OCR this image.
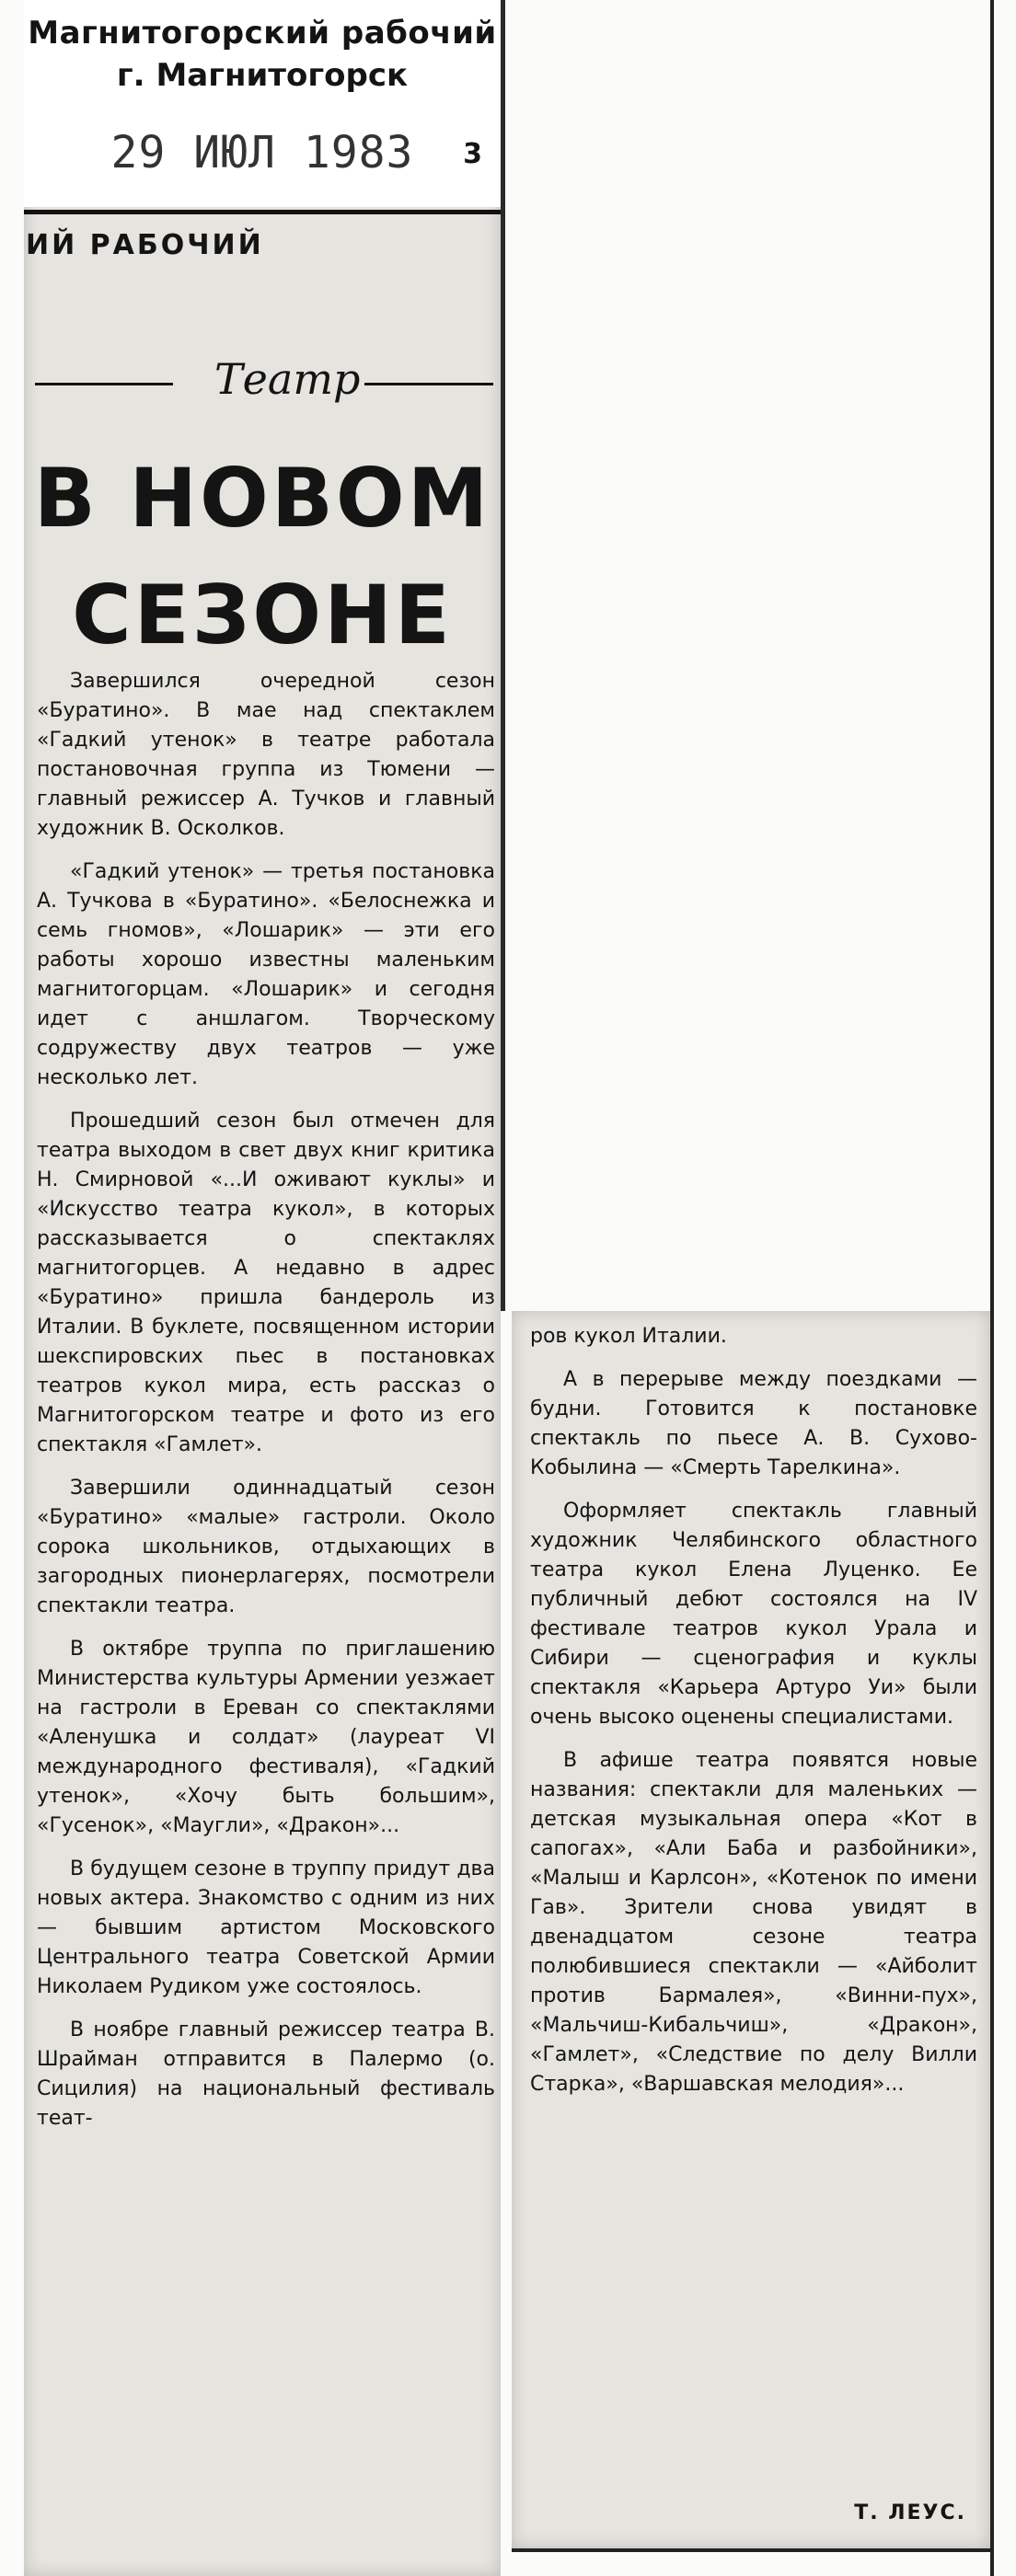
Магнитогорский рабочий
г. Магнитогорск
29 ИЮЛ 1983	3
ИЙ РАБОЧИЙ
Театр
В НОВОМ
СЕЗОНЕ

Завершился очередной сезон «Буратино». В мае над спектаклем «Гадкий утенок» в театре работала постановочная группа из Тюмени — главный режиссер А. Тучков и главный художник В. Осколков.

«Гадкий утенок» — третья постановка А. Тучкова в «Буратино». «Белоснежка и семь гномов», «Лошарик» — эти его работы хорошо известны маленьким магнитогорцам. «Лошарик» и сегодня идет с аншлагом. Творческому содружеству двух театров — уже несколько лет.

Прошедший сезон был отмечен для театра выходом в свет двух книг критика Н. Смирновой «...И оживают куклы» и «Искусство театра кукол», в которых рассказывается о спектаклях магнитогорцев. А недавно в адрес «Буратино» пришла бандероль из Италии. В буклете, посвященном истории шекспировских пьес в постановках театров кукол мира, есть рассказ о Магнитогорском театре и фото из его спектакля «Гамлет».

Завершили одиннадцатый сезон «Буратино» «малые» гастроли. Около сорока школьников, отдыхающих в загородных пионерлагерях, посмотрели спектакли театра.

В октябре труппа по приглашению Министерства культуры Армении уезжает на гастроли в Ереван со спектаклями «Аленушка и солдат» (лауреат VI международного фестиваля), «Гадкий утенок», «Хочу быть большим», «Гусенок», «Маугли», «Дракон»...

В будущем сезоне в труппу придут два новых актера. Знакомство с одним из них — бывшим артистом Московского Центрального театра Советской Армии Николаем Рудиком уже состоялось.

В ноябре главный режиссер театра В. Шрайман отправится в Палермо (о. Сицилия) на национальный фестиваль теат-

ров кукол Италии.

А в перерыве между поездками — будни. Готовится к постановке спектакль по пьесе А. В. Сухово-Кобылина — «Смерть Тарелкина».

Оформляет спектакль главный художник Челябинского областного театра кукол Елена Луценко. Ее публичный дебют состоялся на IV фестивале театров кукол Урала и Сибири — сценография и куклы спектакля «Карьера Артуро Уи» были очень высоко оценены специалистами.

В афише театра появятся новые названия: спектакли для маленьких — детская музыкальная опера «Кот в сапогах», «Али Баба и разбойники», «Малыш и Карлсон», «Котенок по имени Гав». Зрители снова увидят в двенадцатом сезоне театра полюбившиеся спектакли — «Айболит против Бармалея», «Винни-пух», «Мальчиш-Кибальчиш», «Дракон», «Гамлет», «Следствие по делу Вилли Старка», «Варшавская мелодия»...

Т. ЛЕУС.
